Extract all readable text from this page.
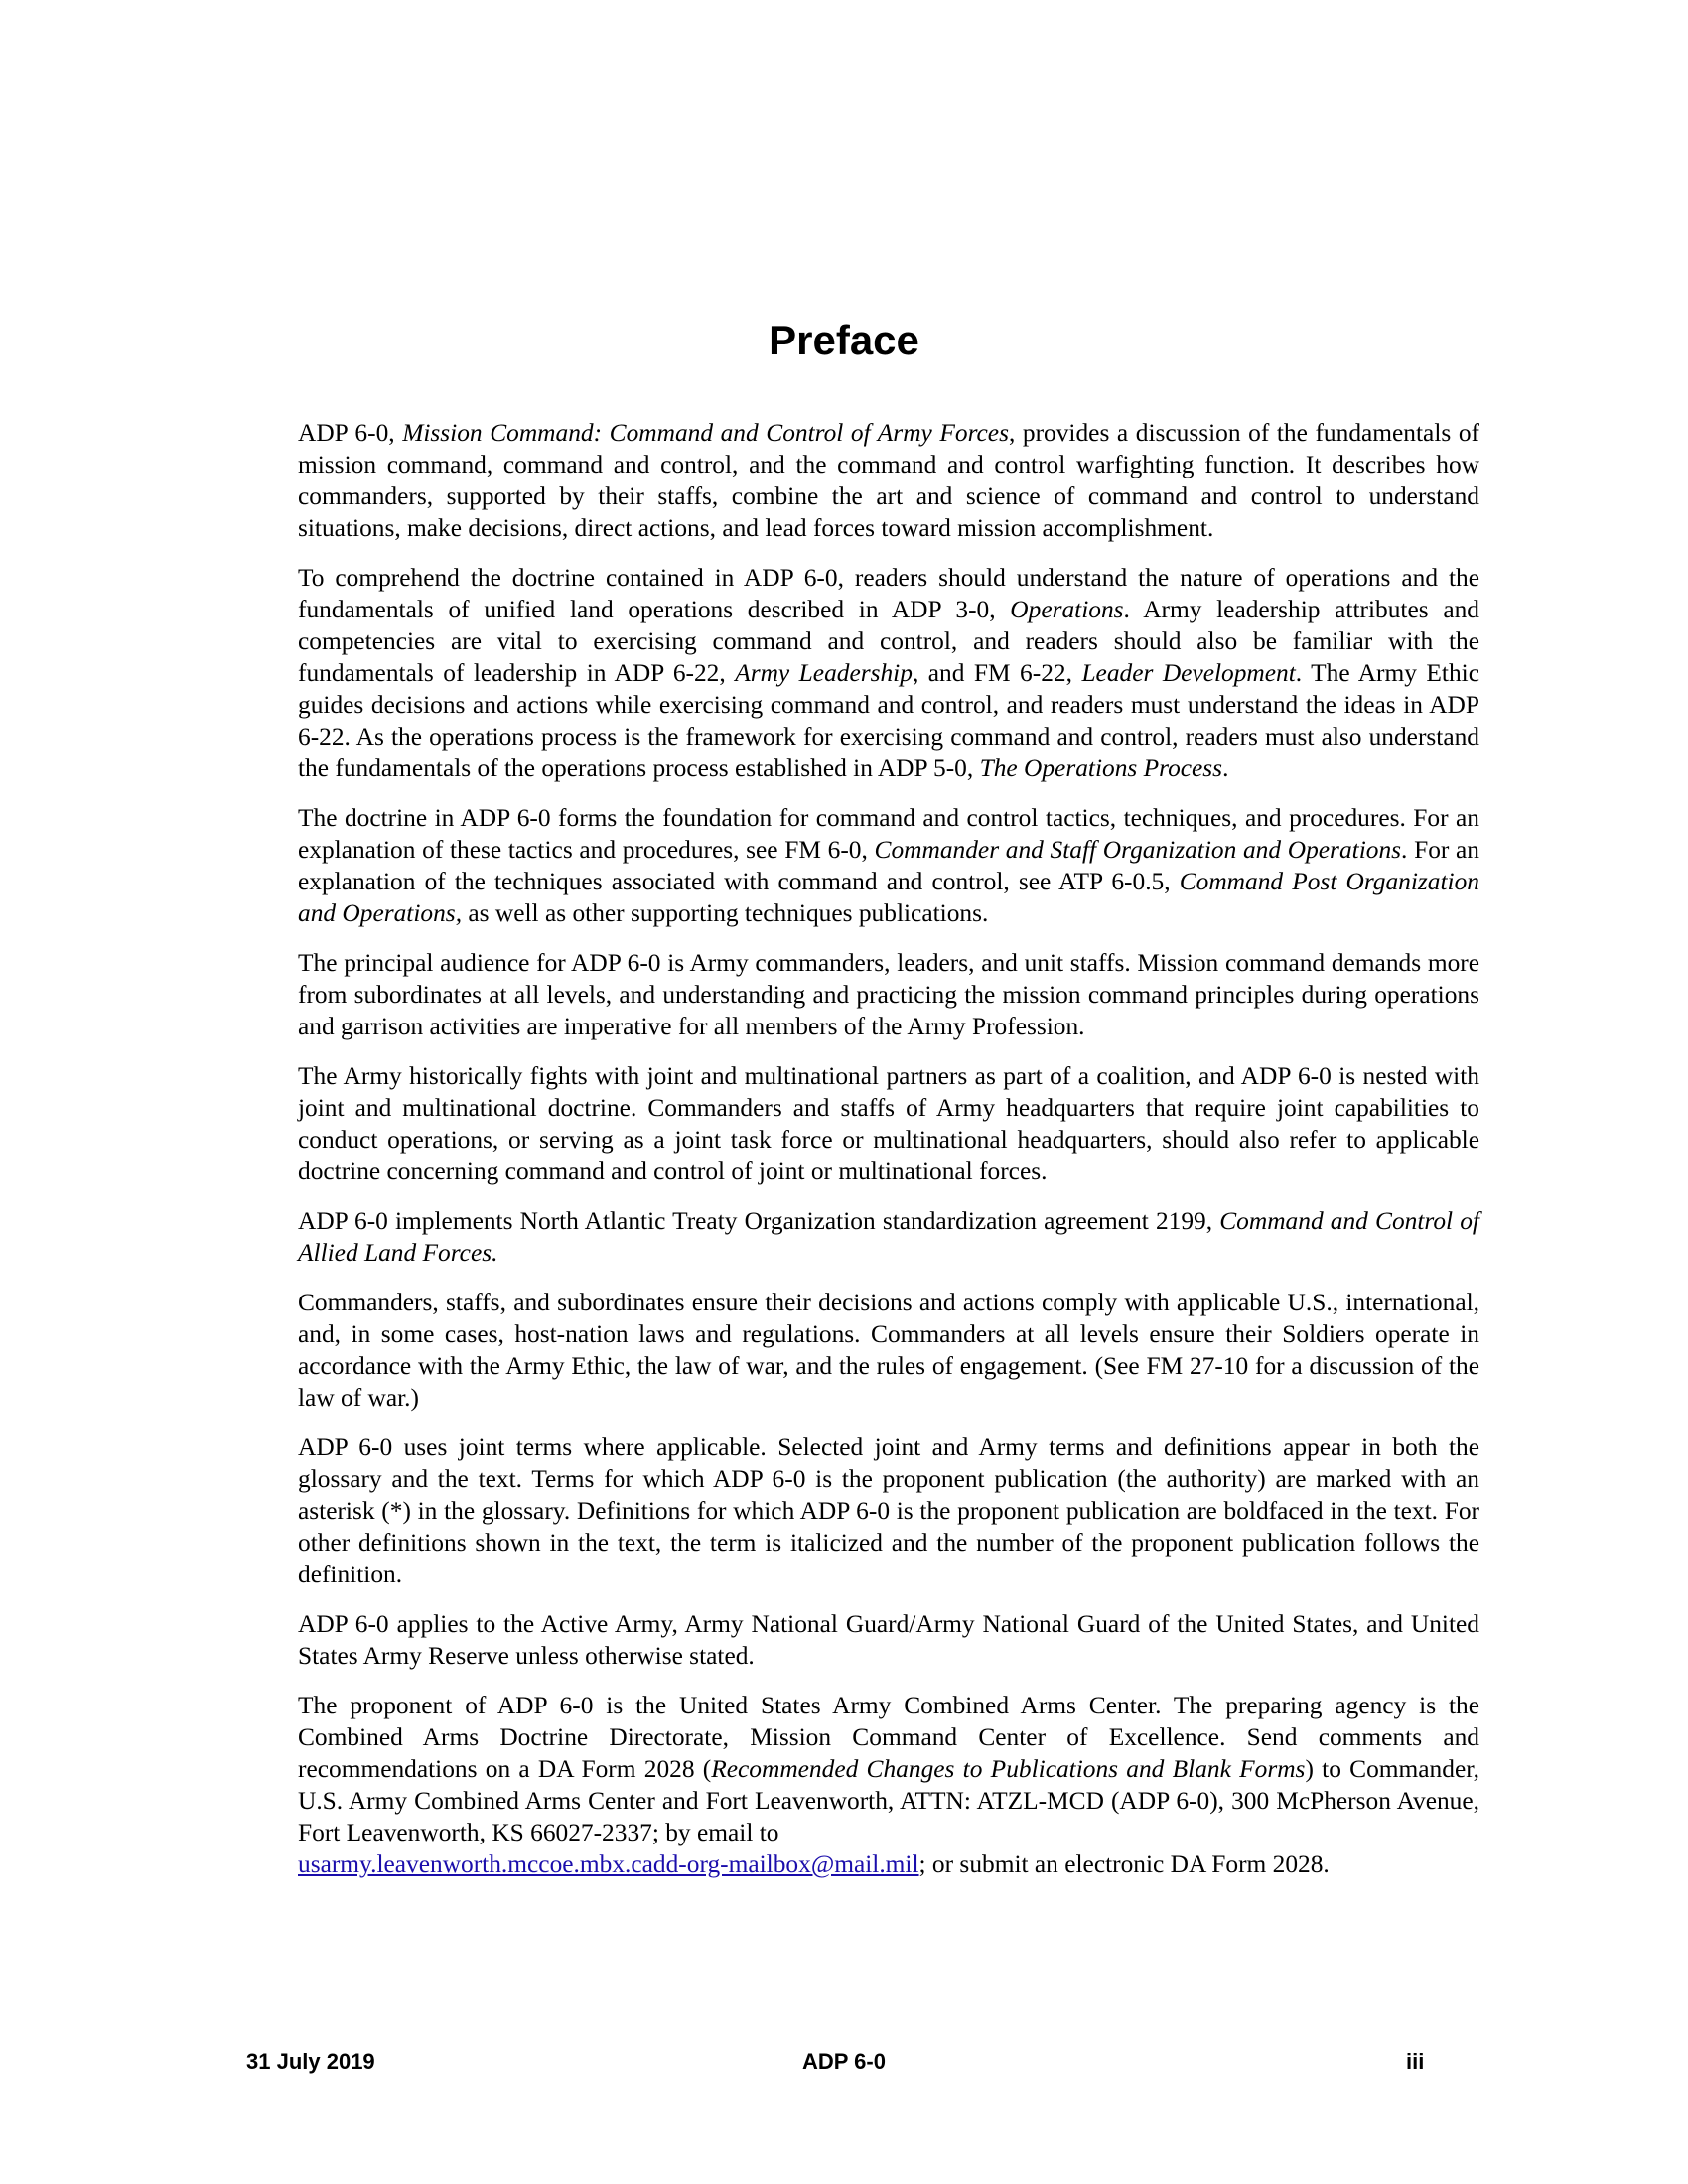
Preface

ADP 6-0, Mission Command: Command and Control of Army Forces, provides a discussion of the fundamentals of mission command, command and control, and the command and control warfighting function. It describes how commanders, supported by their staffs, combine the art and science of command and control to understand situations, make decisions, direct actions, and lead forces toward mission accomplishment.

To comprehend the doctrine contained in ADP 6-0, readers should understand the nature of operations and the fundamentals of unified land operations described in ADP 3-0, Operations. Army leadership attributes and competencies are vital to exercising command and control, and readers should also be familiar with the fundamentals of leadership in ADP 6-22, Army Leadership, and FM 6-22, Leader Development. The Army Ethic guides decisions and actions while exercising command and control, and readers must understand the ideas in ADP 6-22. As the operations process is the framework for exercising command and control, readers must also understand the fundamentals of the operations process established in ADP 5-0, The Operations Process.

The doctrine in ADP 6-0 forms the foundation for command and control tactics, techniques, and procedures. For an explanation of these tactics and procedures, see FM 6-0, Commander and Staff Organization and Operations. For an explanation of the techniques associated with command and control, see ATP 6-0.5, Command Post Organization and Operations, as well as other supporting techniques publications.

The principal audience for ADP 6-0 is Army commanders, leaders, and unit staffs. Mission command demands more from subordinates at all levels, and understanding and practicing the mission command principles during operations and garrison activities are imperative for all members of the Army Profession.

The Army historically fights with joint and multinational partners as part of a coalition, and ADP 6-0 is nested with joint and multinational doctrine. Commanders and staffs of Army headquarters that require joint capabilities to conduct operations, or serving as a joint task force or multinational headquarters, should also refer to applicable doctrine concerning command and control of joint or multinational forces.

ADP 6-0 implements North Atlantic Treaty Organization standardization agreement 2199, Command and Control of Allied Land Forces.

Commanders, staffs, and subordinates ensure their decisions and actions comply with applicable U.S., international, and, in some cases, host-nation laws and regulations. Commanders at all levels ensure their Soldiers operate in accordance with the Army Ethic, the law of war, and the rules of engagement. (See FM 27-10 for a discussion of the law of war.)

ADP 6-0 uses joint terms where applicable. Selected joint and Army terms and definitions appear in both the glossary and the text. Terms for which ADP 6-0 is the proponent publication (the authority) are marked with an asterisk (*) in the glossary. Definitions for which ADP 6-0 is the proponent publication are boldfaced in the text. For other definitions shown in the text, the term is italicized and the number of the proponent publication follows the definition.

ADP 6-0 applies to the Active Army, Army National Guard/Army National Guard of the United States, and United States Army Reserve unless otherwise stated.

The proponent of ADP 6-0 is the United States Army Combined Arms Center. The preparing agency is the Combined Arms Doctrine Directorate, Mission Command Center of Excellence. Send comments and recommendations on a DA Form 2028 (Recommended Changes to Publications and Blank Forms) to Commander, U.S. Army Combined Arms Center and Fort Leavenworth, ATTN: ATZL-MCD (ADP 6-0), 300 McPherson Avenue, Fort Leavenworth, KS 66027-2337; by email to
usarmy.leavenworth.mccoe.mbx.cadd-org-mailbox@mail.mil; or submit an electronic DA Form 2028.

31 July 2019	ADP 6-0	iii
